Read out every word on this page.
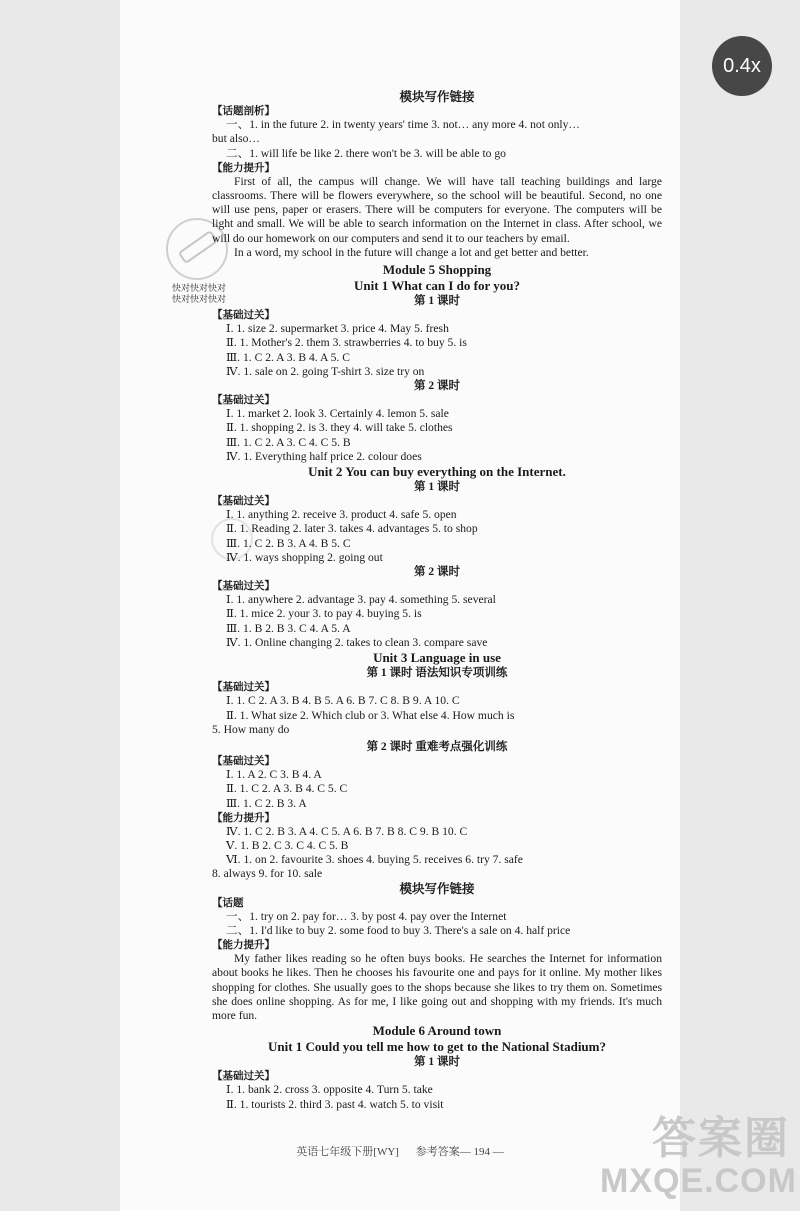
0.4x
快对快对快对
快对快对快对
模块写作链接
【话题剖析】
一、1. in the future 2. in twenty years' time 3. not… any more 4. not only…
but also…
二、1. will life be like 2. there won't be 3. will be able to go
【能力提升】
First of all, the campus will change. We will have tall teaching buildings and large classrooms. There will be flowers everywhere, so the school will be beautiful. Second, no one will use pens, paper or erasers. There will be computers for everyone. The computers will be light and small. We will be able to search information on the Internet in class. After school, we will do our homework on our computers and send it to our teachers by email.
In a word, my school in the future will change a lot and get better and better.
Module 5 Shopping
Unit 1 What can I do for you?
第 1 课时
【基础过关】
Ⅰ. 1. size 2. supermarket 3. price 4. May 5. fresh
Ⅱ. 1. Mother's 2. them 3. strawberries 4. to buy 5. is
Ⅲ. 1. C 2. A 3. B 4. A 5. C
Ⅳ. 1. sale on 2. going T-shirt 3. size try on
第 2 课时
【基础过关】
Ⅰ. 1. market 2. look 3. Certainly 4. lemon 5. sale
Ⅱ. 1. shopping 2. is 3. they 4. will take 5. clothes
Ⅲ. 1. C 2. A 3. C 4. C 5. B
Ⅳ. 1. Everything half price 2. colour does
Unit 2 You can buy everything on the Internet.
第 1 课时
【基础过关】
Ⅰ. 1. anything 2. receive 3. product 4. safe 5. open
Ⅱ. 1. Reading 2. later 3. takes 4. advantages 5. to shop
Ⅲ. 1. C 2. B 3. A 4. B 5. C
Ⅳ. 1. ways shopping 2. going out
第 2 课时
【基础过关】
Ⅰ. 1. anywhere 2. advantage 3. pay 4. something 5. several
Ⅱ. 1. mice 2. your 3. to pay 4. buying 5. is
Ⅲ. 1. B 2. B 3. C 4. A 5. A
Ⅳ. 1. Online changing 2. takes to clean 3. compare save
Unit 3 Language in use
第 1 课时 语法知识专项训练
【基础过关】
Ⅰ. 1. C 2. A 3. B 4. B 5. A 6. B 7. C 8. B 9. A 10. C
Ⅱ. 1. What size 2. Which club or 3. What else 4. How much is
5. How many do
第 2 课时 重难考点强化训练
【基础过关】
Ⅰ. 1. A 2. C 3. B 4. A
Ⅱ. 1. C 2. A 3. B 4. C 5. C
Ⅲ. 1. C 2. B 3. A
【能力提升】
Ⅳ. 1. C 2. B 3. A 4. C 5. A 6. B 7. B 8. C 9. B 10. C
Ⅴ. 1. B 2. C 3. C 4. C 5. B
Ⅵ. 1. on 2. favourite 3. shoes 4. buying 5. receives 6. try 7. safe
8. always 9. for 10. sale
模块写作链接
【话题
一、1. try on 2. pay for… 3. by post 4. pay over the Internet
二、1. I'd like to buy 2. some food to buy 3. There's a sale on 4. half price
【能力提升】
My father likes reading so he often buys books. He searches the Internet for information about books he likes. Then he chooses his favourite one and pays for it online. My mother likes shopping for clothes. She usually goes to the shops because she likes to try them on. Sometimes she does online shopping. As for me, I like going out and shopping with my friends. It's much more fun.
Module 6 Around town
Unit 1 Could you tell me how to get to the National Stadium?
第 1 课时
【基础过关】
Ⅰ. 1. bank 2. cross 3. opposite 4. Turn 5. take
Ⅱ. 1. tourists 2. third 3. past 4. watch 5. to visit
英语七年级下册[WY] 参考答案— 194 —	答案圈
MXQE.COM
